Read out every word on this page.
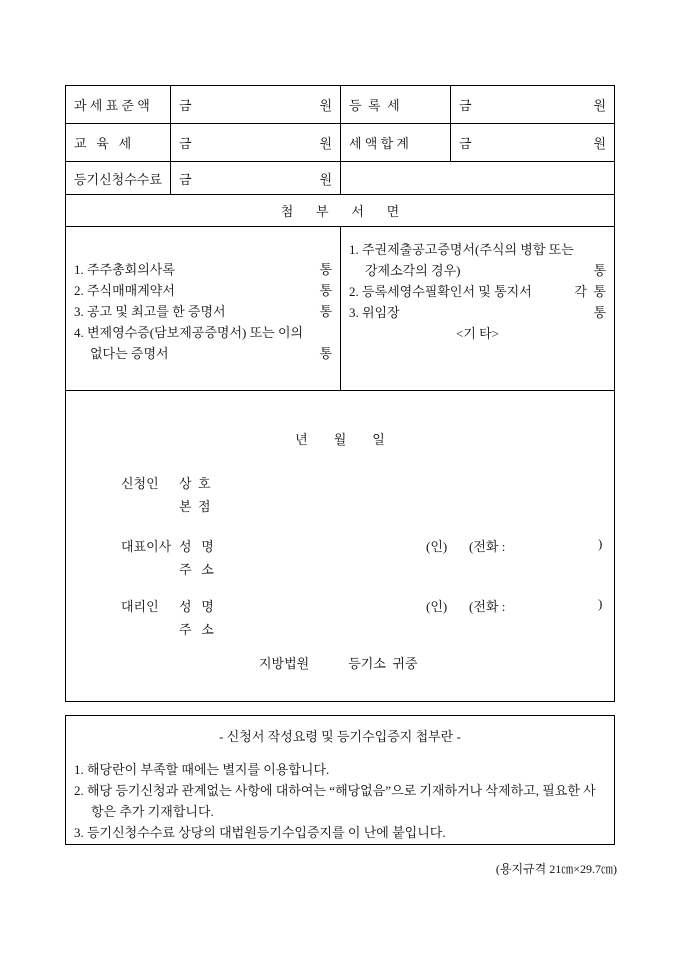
과 세 표 준 액	금	원	등  록  세	금	원
교   육   세	금	원	세 액 합 계	금	원
등기신청수수료	금	원
첨       부       서       면
1. 주주총회의사록	통
2. 주식매매계약서	통
3. 공고 및 최고를 한 증명서	통
4. 변제영수증(담보제공증명서) 또는 이의없다는 증명서	통
1. 주권제출공고증명서(주식의 병합 또는 강제소각의 경우)	통
2. 등록세영수필확인서 및 통지서	각  통
3. 위임장	통
<기 타>
년        월        일
신청인 상  호
본  점
대표이사 성   명	(인) (전화 :	)
주   소
대리인 성   명	(인) (전화 :	)
주   소
지방법원            등기소  귀중
- 신청서 작성요령 및 등기수입증지 첩부란 -
1. 해당란이 부족할 때에는 별지를 이용합니다.
2. 해당 등기신청과 관계없는 사항에 대하여는 “해당없음”으로 기재하거나 삭제하고, 필요한 사항은 추가 기재합니다.
3. 등기신청수수료 상당의 대법원등기수입증지를 이 난에 붙입니다.
(용지규격 21㎝×29.7㎝)
